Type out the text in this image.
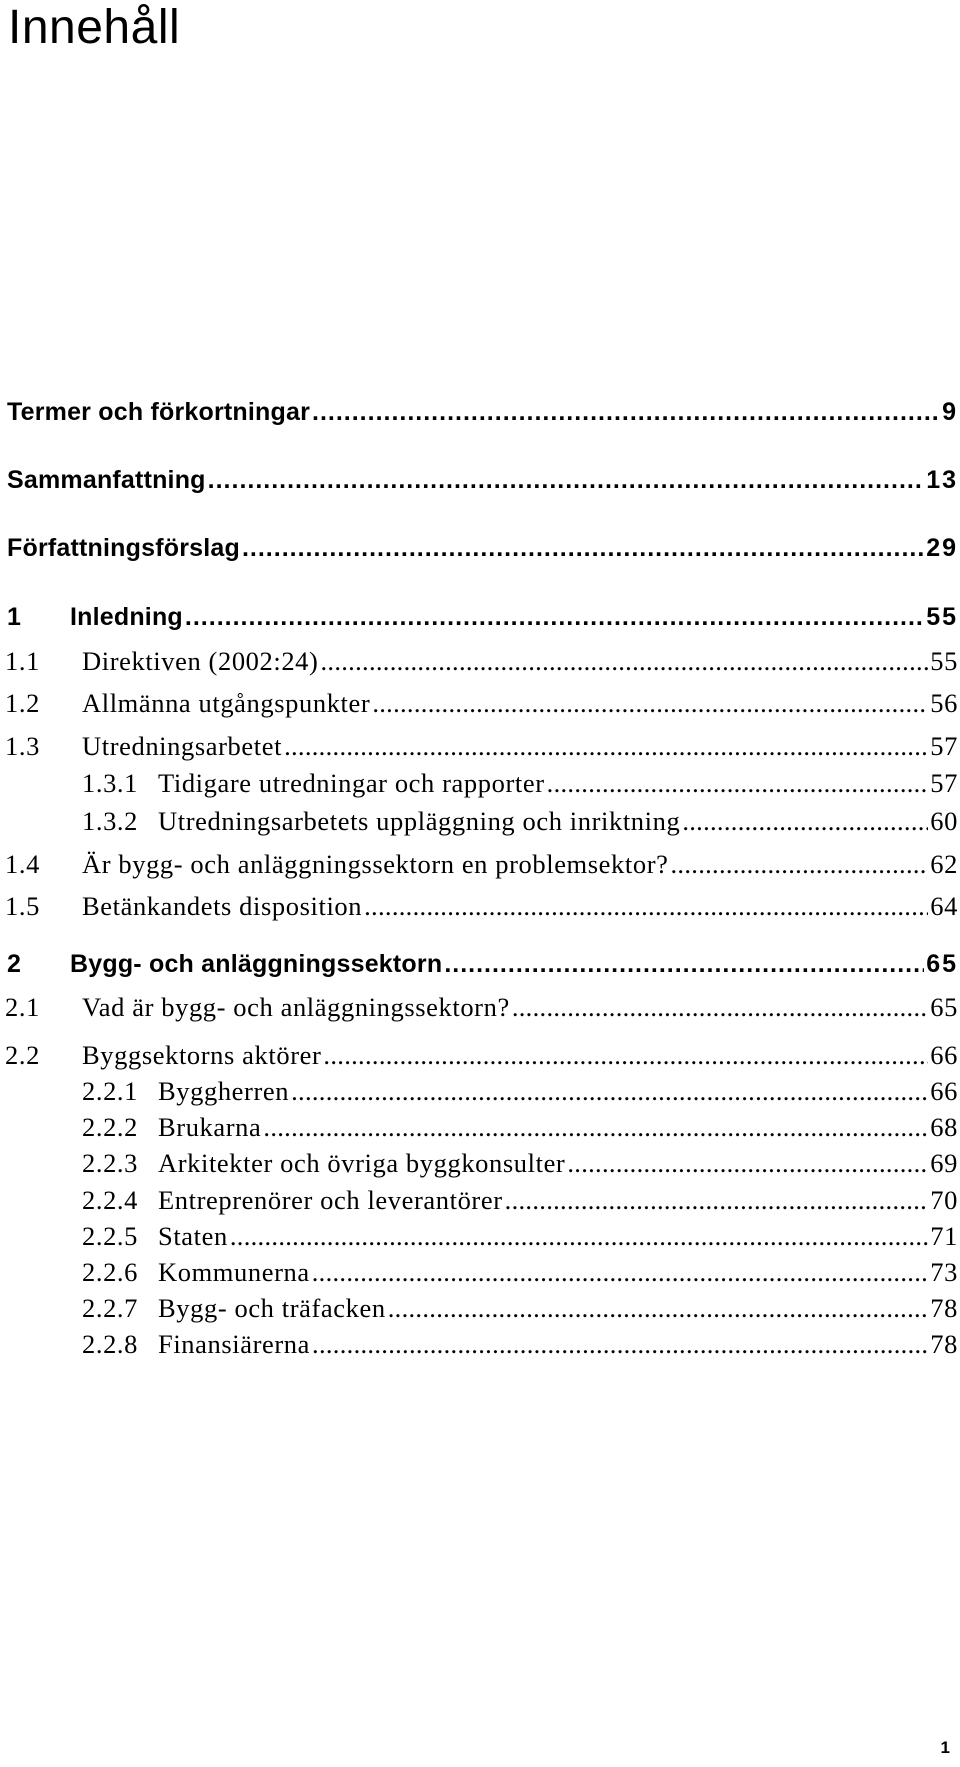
Innehåll
Termer och förkortningar .....	9
Sammanfattning .....	13
Författningsförslag .....	29
1	Inledning .....	55
1.1	Direktiven (2002:24) .....	55
1.2	Allmänna utgångspunkter .....	56
1.3	Utredningsarbetet .....	57
1.3.1 Tidigare utredningar och rapporter .....	57
1.3.2 Utredningsarbetets uppläggning och inriktning .....	60
1.4	Är bygg- och anläggningssektorn en problemsektor? .....	62
1.5	Betänkandets disposition .....	64
2	Bygg- och anläggningssektorn .....	65
2.1	Vad är bygg- och anläggningssektorn? .....	65
2.2	Byggsektorns aktörer .....	66
2.2.1 Byggherren .....	66
2.2.2 Brukarna .....	68
2.2.3 Arkitekter och övriga byggkonsulter .....	69
2.2.4 Entreprenörer och leverantörer .....	70
2.2.5 Staten .....	71
2.2.6 Kommunerna .....	73
2.2.7 Bygg- och träfacken .....	78
2.2.8 Finansiärerna .....	78
1
